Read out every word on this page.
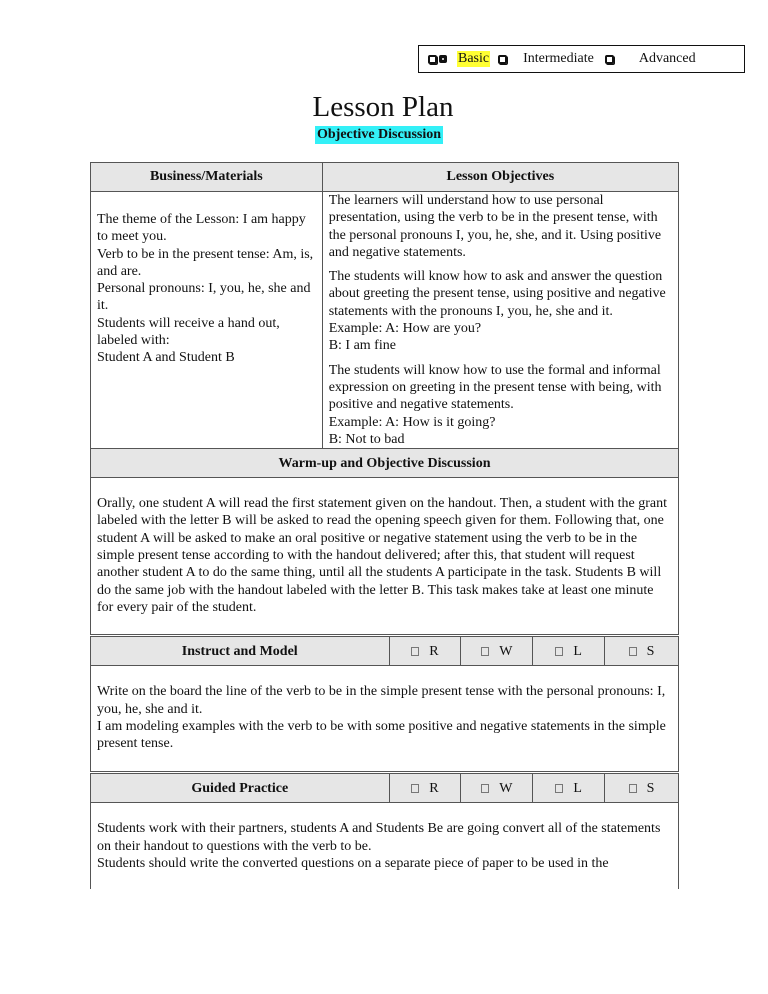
Basic Intermediate	Advanced
Lesson Plan
Objective Discussion
Business/Materials	Lesson Objectives				

The theme of the Lesson: I am happy to meet you.
Verb to be in the present tense: Am, is, and are.
Personal pronouns: I, you, he, she and it.
Students will receive a hand out, labeled with:
Student A and Student B

The learners will understand how to use personal presentation, using the verb to be in the present tense, with the personal pronouns I, you, he, she, and it. Using positive and negative statements.

The students will know how to ask and answer the question about greeting the present tense, using positive and negative statements with the pronouns I, you, he, she and it.
Example: A: How are you?
B: I am fine

The students will know how to use the formal and informal expression on greeting in the present tense with being, with positive and negative statements.
Example: A: How is it going?
B: Not to bad

Warm-up and Objective Discussion					
Orally, one student A will read the first statement given on the handout. Then, a student with the grant labeled with the letter B will be asked to read the opening speech given for them. Following that, one student A will be asked to make an oral positive or negative statement using the verb to be in the simple present tense according to with the handout delivered; after this, that student will request another student A to do the same thing, until all the students A participate in the task. Students B will do the same job with the handout labeled with the letter B. This task makes take at least one minute for every pair of the student.					
Instruct and Model		R	W	L	S

Write on the board the line of the verb to be in the simple present tense with the personal pronouns: I, you, he, she and it.
I am modeling examples with the verb to be with some positive and negative statements in the simple present tense.					

Guided Practice		R	W	L	S

Students work with their partners, students A and Students Be are going convert all of the statements on their handout to questions with the verb to be.
Students should write the converted questions on a separate piece of paper to be used in the					
